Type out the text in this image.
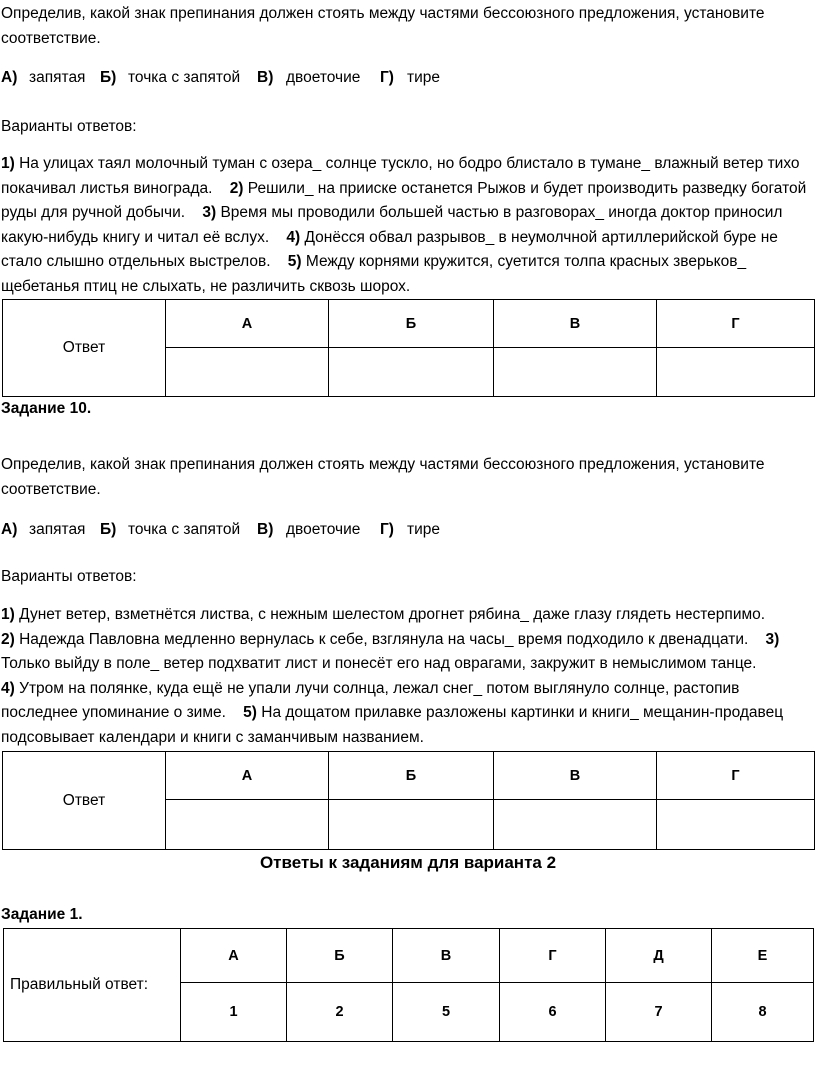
Определив, какой знак препинания должен стоять между частями бессоюзного предложения, установите соответствие.

А) запятая Б) точка с запятой В) двоеточие Г) тире

Варианты ответов:

1) На улицах таял молочный туман с озера_ солнце тускло, но бодро блистало в тумане_ влажный ветер тихо покачивал листья винограда. 2) Решили_ на прииске останется Рыжов и будет производить разведку богатой руды для ручной добычи. 3) Время мы проводили большей частью в разговорах_ иногда доктор приносил какую-нибудь книгу и читал её вслух. 4) Донёсся обвал разрывов_ в неумолчной артиллерийской буре не стало слышно отдельных выстрелов. 5) Между корнями кружится, суетится толпа красных зверьков_ щебетанья птиц не слыхать, не различить сквозь шорох.

Ответ	А	Б	В	Г

Задание 10.

Определив, какой знак препинания должен стоять между частями бессоюзного предложения, установите соответствие.

А) запятая Б) точка с запятой В) двоеточие Г) тире

Варианты ответов:

1) Дунет ветер, взметнётся листва, с нежным шелестом дрогнет рябина_ даже глазу глядеть нестерпимо.
2) Надежда Павловна медленно вернулась к себе, взглянула на часы_ время подходило к двенадцати. 3) Только выйду в поле_ ветер подхватит лист и понесёт его над оврагами, закружит в немыслимом танце.
4) Утром на полянке, куда ещё не упали лучи солнца, лежал снег_ потом выглянуло солнце, растопив последнее упоминание о зиме. 5) На дощатом прилавке разложены картинки и книги_ мещанин-продавец подсовывает календари и книги с заманчивым названием.

Ответ	А	Б	В	Г

Ответы к заданиям для варианта 2

Задание 1.

Правильный ответ:	А	Б	В	Г	Д	Е
	1	2	5	6	7	8
